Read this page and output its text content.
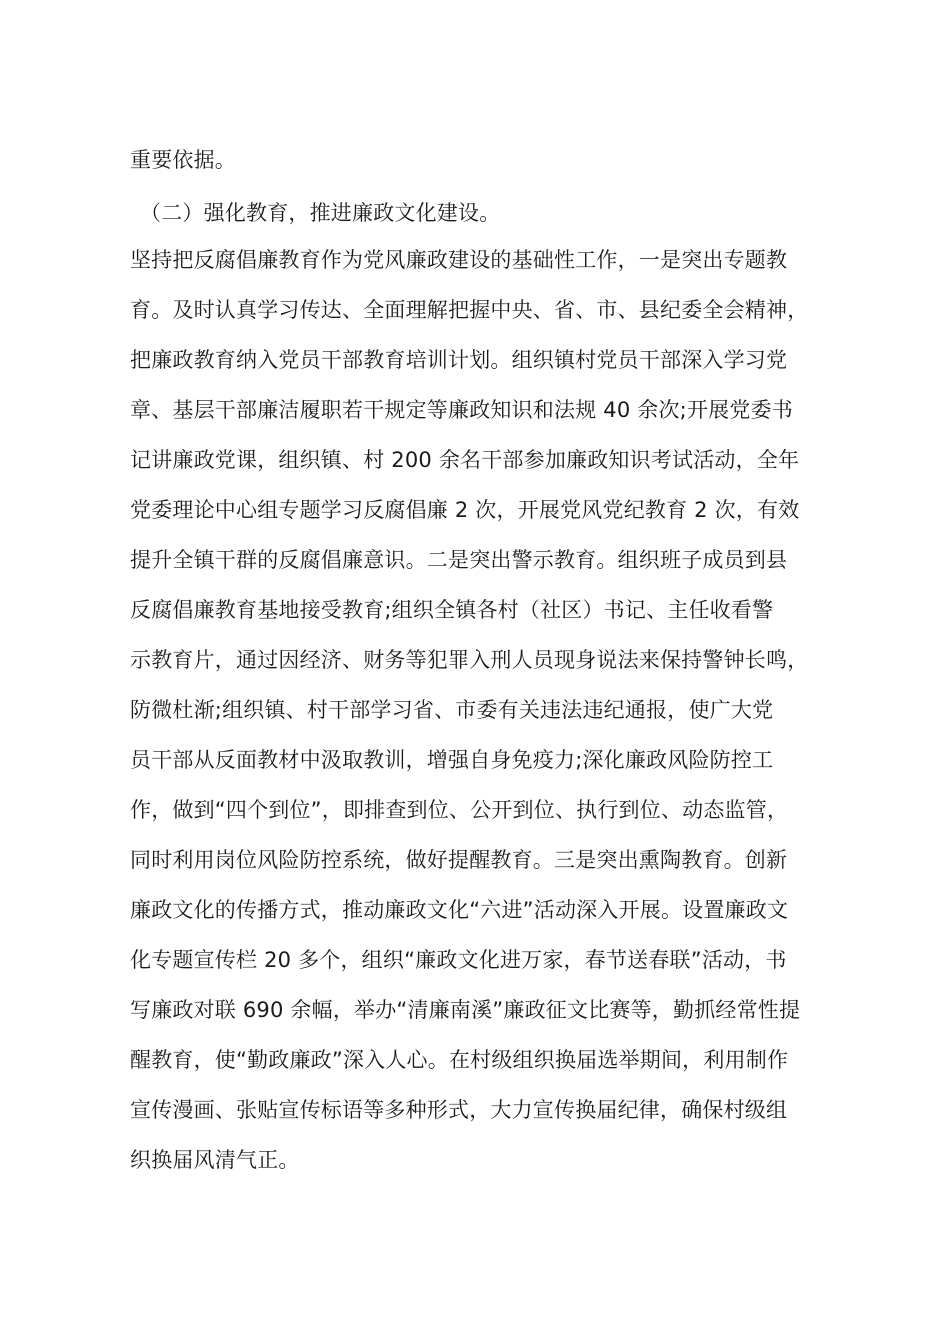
重要依据。
（二）强化教育，推进廉政文化建设。
坚持把反腐倡廉教育作为党风廉政建设的基础性工作，一是突出专题教
育。及时认真学习传达、全面理解把握中央、省、市、县纪委全会精神，
把廉政教育纳入党员干部教育培训计划。组织镇村党员干部深入学习党
章、基层干部廉洁履职若干规定等廉政知识和法规 40 余次;开展党委书
记讲廉政党课，组织镇、村 200 余名干部参加廉政知识考试活动，全年
党委理论中心组专题学习反腐倡廉 2 次，开展党风党纪教育 2 次，有效
提升全镇干群的反腐倡廉意识。二是突出警示教育。组织班子成员到县
反腐倡廉教育基地接受教育;组织全镇各村（社区）书记、主任收看警
示教育片，通过因经济、财务等犯罪入刑人员现身说法来保持警钟长鸣，
防微杜渐;组织镇、村干部学习省、市委有关违法违纪通报，使广大党
员干部从反面教材中汲取教训，增强自身免疫力;深化廉政风险防控工
作，做到“四个到位”，即排查到位、公开到位、执行到位、动态监管，
同时利用岗位风险防控系统，做好提醒教育。三是突出熏陶教育。创新
廉政文化的传播方式，推动廉政文化“六进”活动深入开展。设置廉政文
化专题宣传栏 20 多个，组织“廉政文化进万家，春节送春联”活动，书
写廉政对联 690 余幅，举办“清廉南溪”廉政征文比赛等，勤抓经常性提
醒教育，使“勤政廉政”深入人心。在村级组织换届选举期间，利用制作
宣传漫画、张贴宣传标语等多种形式，大力宣传换届纪律，确保村级组
织换届风清气正。
